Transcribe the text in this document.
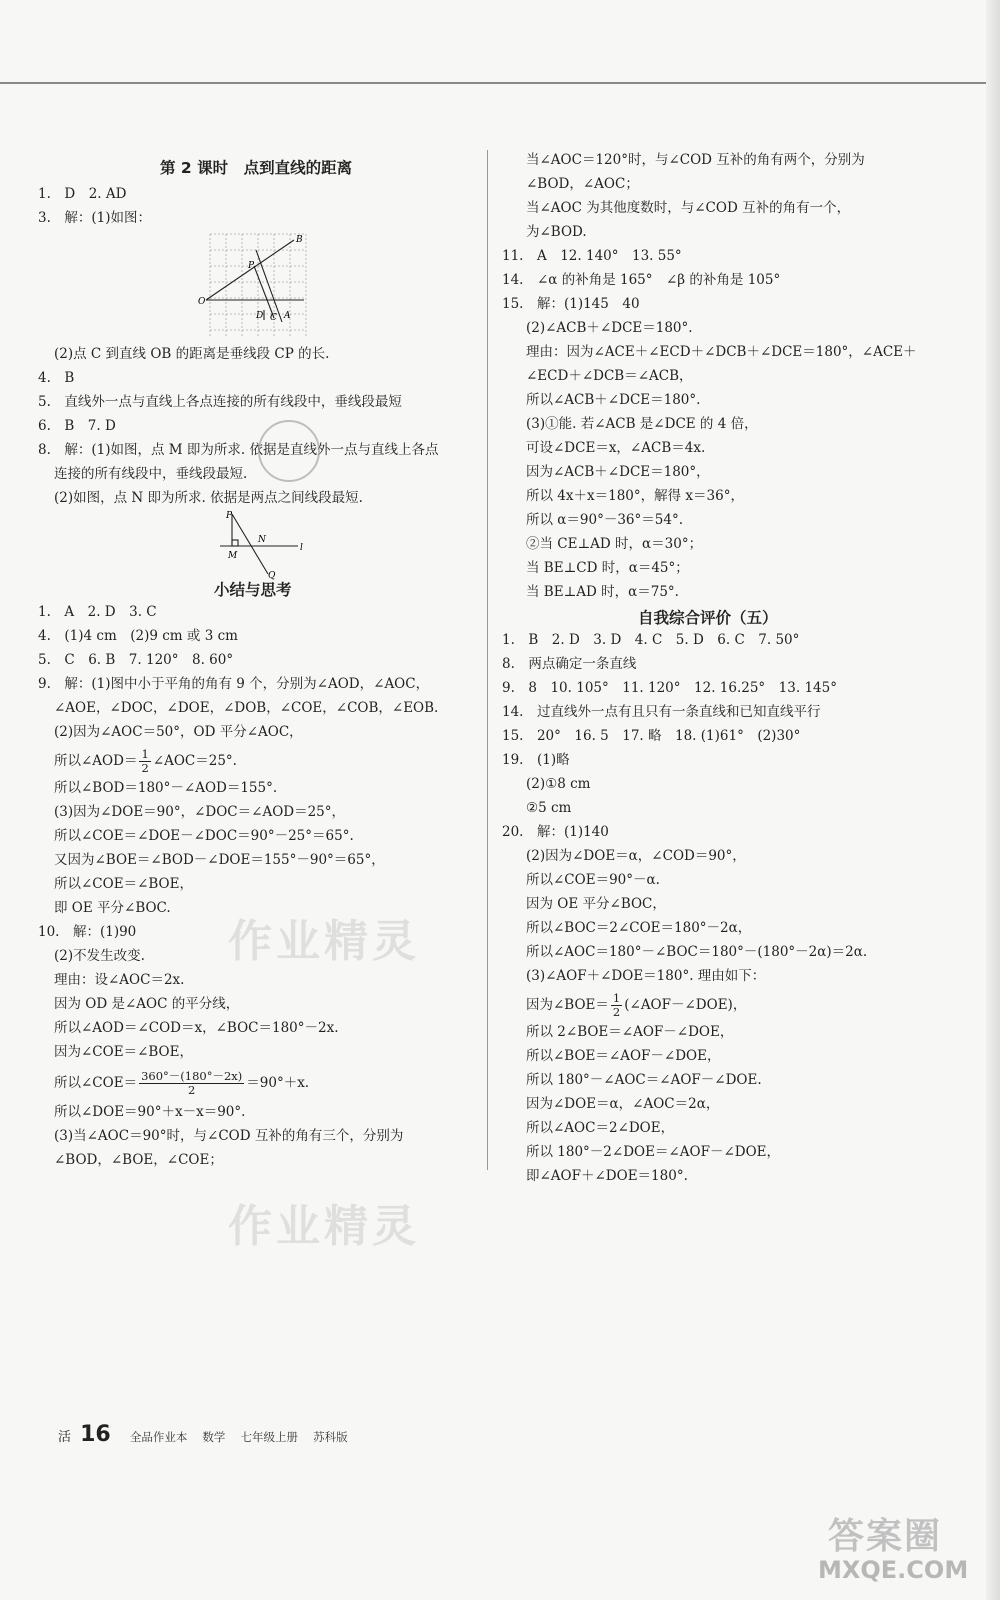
第 2 课时　点到直线的距离
1.　D　2. AD
3.　解：(1)如图：
B
P
A
O
D C
(2)点 C 到直线 OB 的距离是垂线段 CP 的长.
4.　B
5.　直线外一点与直线上各点连接的所有线段中，垂线段最短
6.　B　7. D
8.　解：(1)如图，点 M 即为所求. 依据是直线外一点与直线上各点
连接的所有线段中，垂线段最短.
(2)如图，点 N 即为所求. 依据是两点之间线段最短.
P
N
M
l
Q
小结与思考
1.　A　2. D　3. C
4.　(1)4 cm　(2)9 cm 或 3 cm
5.　C　6. B　7. 120°　8. 60°
9.　解：(1)图中小于平角的角有 9 个，分别为∠AOD，∠AOC，
∠AOE，∠DOC，∠DOE，∠DOB，∠COE，∠COB，∠EOB.
(2)因为∠AOC＝50°，OD 平分∠AOC，
所以∠AOD＝ $\frac{1}{2}$ ∠AOC＝25°.
所以∠BOD＝180°－∠AOD＝155°.
(3)因为∠DOE＝90°，∠DOC＝∠AOD＝25°，
所以∠COE＝∠DOE－∠DOC＝90°－25°＝65°.
又因为∠BOE＝∠BOD－∠DOE＝155°－90°＝65°，
所以∠COE＝∠BOE，
即 OE 平分∠BOC.
10.　解：(1)90
(2)不发生改变.
理由：设∠AOC＝2x.
因为 OD 是∠AOC 的平分线，
所以∠AOD＝∠COD＝x，∠BOC＝180°－2x.
因为∠COE＝∠BOE，
所以∠COE＝ $\frac{360^\circ-(180^\circ-2x)}{2} =90^\circ+x$.
所以∠DOE＝90°＋x－x＝90°.
(3)当∠AOC＝90°时，与∠COD 互补的角有三个，分别为
∠BOD，∠BOE，∠COE；
当∠AOC＝120°时，与∠COD 互补的角有两个，分别为
∠BOD，∠AOC；
当∠AOC 为其他度数时，与∠COD 互补的角有一个，
为∠BOD.
11.　A　12. 140°　13. 55°
14.　∠α 的补角是 165°　∠β 的补角是 105°
15.　解：(1)145　40
(2)∠ACB＋∠DCE＝180°.
理由：因为∠ACE＋∠ECD＋∠DCB＋∠DCE＝180°，∠ACE＋
∠ECD＋∠DCB＝∠ACB，
所以∠ACB＋∠DCE＝180°.
(3)①能. 若∠ACB 是∠DCE 的 4 倍，
可设∠DCE＝x，∠ACB＝4x.
因为∠ACB＋∠DCE＝180°，
所以 4x＋x＝180°，解得 x＝36°，
所以 α＝90°－36°＝54°.
②当 CE⊥AD 时，α＝30°；
当 BE⊥CD 时，α＝45°；
当 BE⊥AD 时，α＝75°.
自我综合评价（五）
1.　B　2. D　3. D　4. C　5. D　6. C　7. 50°
8.　两点确定一条直线
9.　8　10. 105°　11. 120°　12. 16.25°　13. 145°
14.　过直线外一点有且只有一条直线和已知直线平行
15.　20°　16. 5　17. 略　18. (1)61°　(2)30°
19.　(1)略
(2)①8 cm
②5 cm
20.　解：(1)140
(2)因为∠DOE＝α，∠COD＝90°，
所以∠COE＝90°－α.
因为 OE 平分∠BOC，
所以∠BOC＝2∠COE＝180°－2α，
所以∠AOC＝180°－∠BOC＝180°－(180°－2α)＝2α.
(3)∠AOF＋∠DOE＝180°. 理由如下：
因为∠BOE＝ $\frac{1}{2}$ (∠AOF－∠DOE)，
所以 2∠BOE＝∠AOF－∠DOE，
所以∠BOE＝∠AOF－∠DOE，
所以 180°－∠AOC＝∠AOF－∠DOE.
因为∠DOE＝α，∠AOC＝2α，
所以∠AOC＝2∠DOE，
所以 180°－2∠DOE＝∠AOF－∠DOE，
即∠AOF＋∠DOE＝180°.
作业精灵
作业精灵
活 16 全品作业本 数学 七年级上册 苏科版
答案圈
MXQE.COM
